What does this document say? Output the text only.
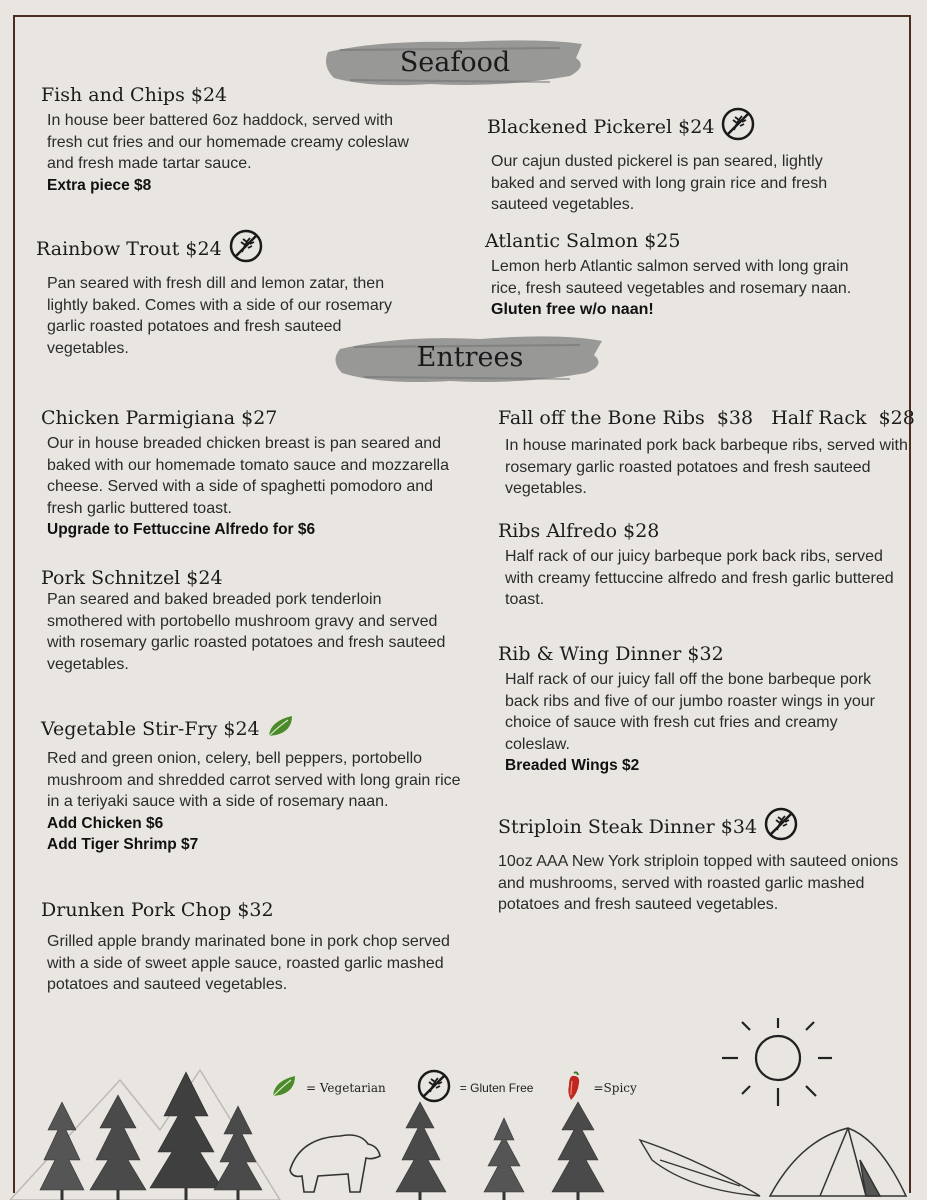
Seafood
Fish and Chips $24
In house beer battered 6oz haddock, served with fresh cut fries and our homemade creamy coleslaw and fresh made tartar sauce.
Extra piece $8
Rainbow Trout $24
Pan seared with fresh dill and lemon zatar, then lightly baked. Comes with a side of our rosemary garlic roasted potatoes and fresh sauteed vegetables.
Blackened Pickerel $24
Our cajun dusted pickerel is pan seared, lightly baked and served with long grain rice and fresh sauteed vegetables.
Atlantic Salmon $25
Lemon herb Atlantic salmon served with long grain rice, fresh sauteed vegetables and rosemary naan. Gluten free w/o naan!
Entrees
Chicken Parmigiana $27
Our in house breaded chicken breast is pan seared and baked with our homemade tomato sauce and mozzarella cheese. Served with a side of spaghetti pomodoro and fresh garlic buttered toast.
Upgrade to Fettuccine Alfredo for $6
Pork Schnitzel $24
Pan seared and baked breaded pork tenderloin smothered with portobello mushroom gravy and served with rosemary garlic roasted potatoes and fresh sauteed vegetables.
Vegetable Stir-Fry $24
Red and green onion, celery, bell peppers, portobello mushroom and shredded carrot served with long grain rice in a teriyaki sauce with a side of rosemary naan.
Add Chicken $6
Add Tiger Shrimp $7
Drunken Pork Chop $32
Grilled apple brandy marinated bone in pork chop served with a side of sweet apple sauce, roasted garlic mashed potatoes and sauteed vegetables.
Fall off the Bone Ribs  $38   Half Rack  $28
In house marinated pork back barbeque ribs, served with rosemary garlic roasted potatoes and fresh sauteed vegetables.
Ribs Alfredo $28
Half rack of our juicy barbeque pork back ribs, served with creamy fettuccine alfredo and fresh garlic buttered toast.
Rib & Wing Dinner $32
Half rack of our juicy fall off the bone barbeque pork back ribs and five of our jumbo roaster wings in your choice of sauce with fresh cut fries and creamy coleslaw.
Breaded Wings $2
Striploin Steak Dinner $34
10oz AAA New York striploin topped with sauteed onions and mushrooms, served with roasted garlic mashed potatoes and fresh sauteed vegetables.
= Vegetarian	= Gluten Free	=Spicy
